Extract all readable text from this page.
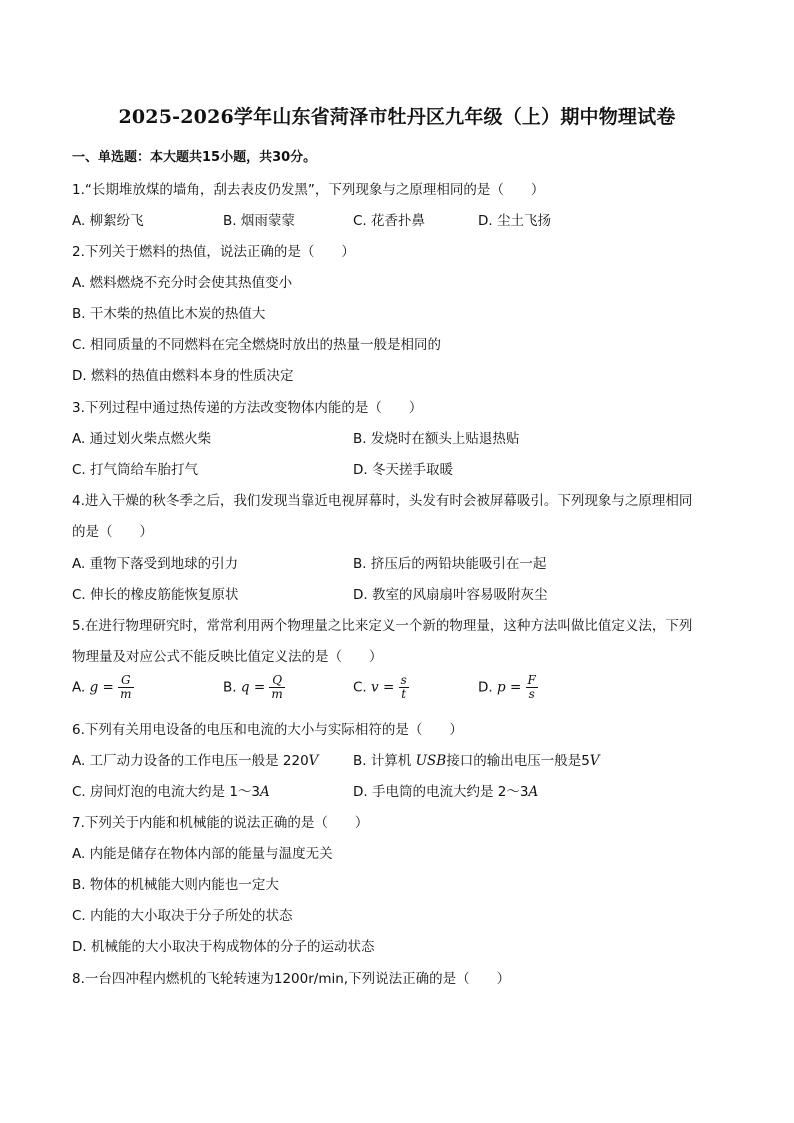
2025-2026学年山东省菏泽市牡丹区九年级（上）期中物理试卷
一、单选题：本大题共15小题，共30分。
1.“长期堆放煤的墙角，刮去表皮仍发黑”，下列现象与之原理相同的是（　　）
A. 柳絮纷飞	B. 烟雨蒙蒙	C. 花香扑鼻	D. 尘土飞扬
2.下列关于燃料的热值，说法正确的是（　　）
A. 燃料燃烧不充分时会使其热值变小
B. 干木柴的热值比木炭的热值大
C. 相同质量的不同燃料在完全燃烧时放出的热量一般是相同的
D. 燃料的热值由燃料本身的性质决定
3.下列过程中通过热传递的方法改变物体内能的是（　　）
A. 通过划火柴点燃火柴	B. 发烧时在额头上贴退热贴
C. 打气筒给车胎打气	D. 冬天搓手取暖
4.进入干燥的秋冬季之后，我们发现当靠近电视屏幕时，头发有时会被屏幕吸引。下列现象与之原理相同
的是（　　）
A. 重物下落受到地球的引力	B. 挤压后的两铅块能吸引在一起
C. 伸长的橡皮筋能恢复原状	D. 教室的风扇扇叶容易吸附灰尘
5.在进行物理研究时，常常利用两个物理量之比来定义一个新的物理量，这种方法叫做比值定义法，下列
物理量及对应公式不能反映比值定义法的是（　　）
A. $g = \frac{G}{m}$	B. $q = \frac{Q}{m}$	C. $v = \frac{s}{t}$	D. $p = \frac{F}{s}$
6.下列有关用电设备的电压和电流的大小与实际相符的是（　　）
A. 工厂动力设备的工作电压一般是 220V	B. 计算机 USB接口的输出电压一般是5V
C. 房间灯泡的电流大约是 1～3A	D. 手电筒的电流大约是 2～3A
7.下列关于内能和机械能的说法正确的是（　　）
A. 内能是储存在物体内部的能量与温度无关
B. 物体的机械能大则内能也一定大
C. 内能的大小取决于分子所处的状态
D. 机械能的大小取决于构成物体的分子的运动状态
8.一台四冲程内燃机的飞轮转速为1200r/min,下列说法正确的是（　　）
